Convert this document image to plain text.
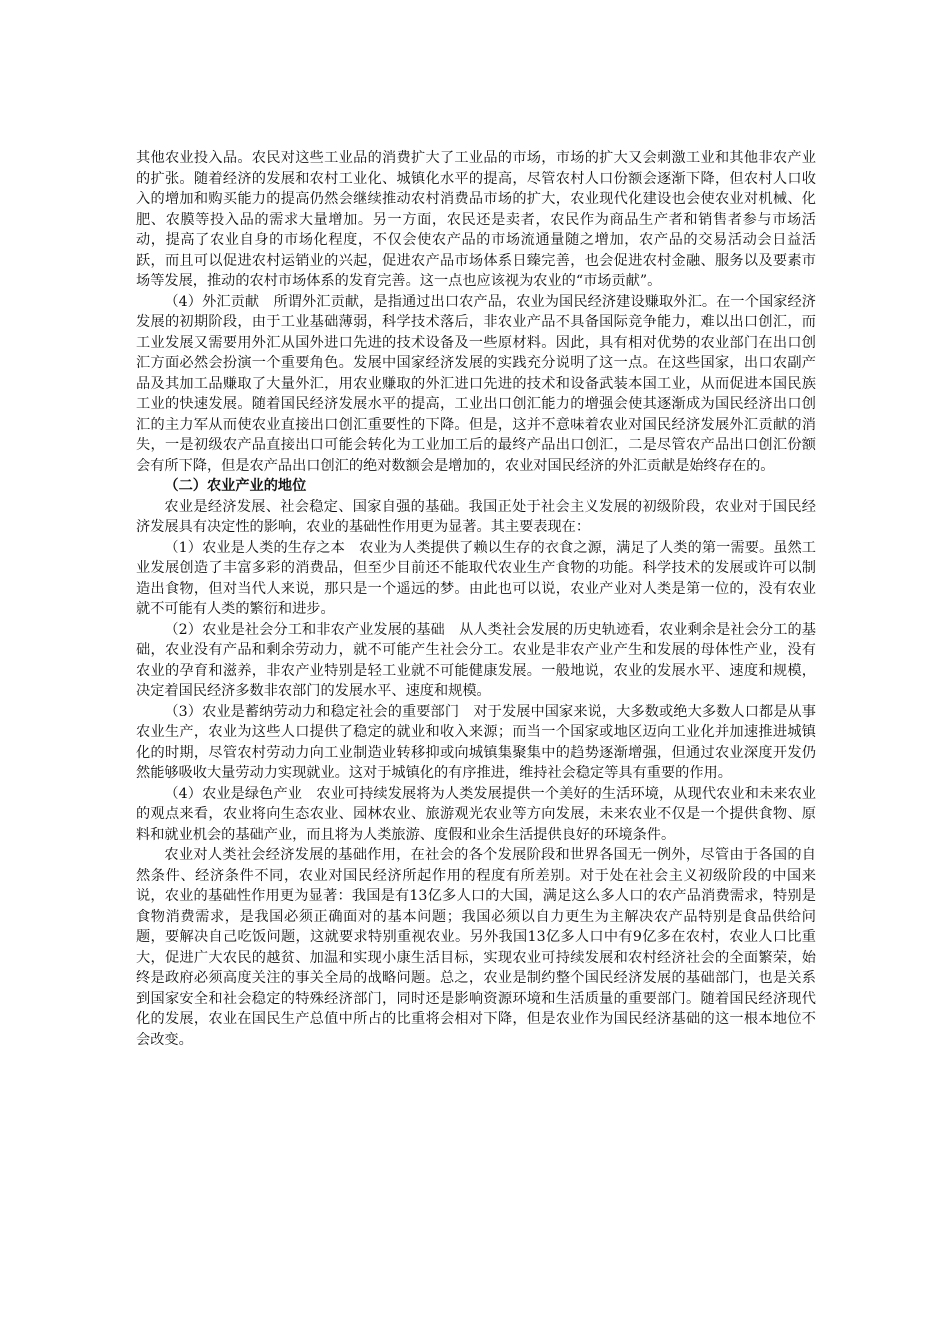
其他农业投入品。农民对这些工业品的消费扩大了工业品的市场，市场的扩大又会刺激工业和其他非农产业的扩张。随着经济的发展和农村工业化、城镇化水平的提高，尽管农村人口份额会逐渐下降，但农村人口收入的增加和购买能力的提高仍然会继续推动农村消费品市场的扩大，农业现代化建设也会使农业对机械、化肥、农膜等投入品的需求大量增加。另一方面，农民还是卖者，农民作为商品生产者和销售者参与市场活动，提高了农业自身的市场化程度，不仅会使农产品的市场流通量随之增加，农产品的交易活动会日益活跃，而且可以促进农村运销业的兴起，促进农产品市场体系日臻完善，也会促进农村金融、服务以及要素市场等发展，推动的农村市场体系的发育完善。这一点也应该视为农业的“市场贡献”。

（4）外汇贡献　所谓外汇贡献，是指通过出口农产品，农业为国民经济建设赚取外汇。在一个国家经济发展的初期阶段，由于工业基础薄弱，科学技术落后，非农业产品不具备国际竞争能力，难以出口创汇，而工业发展又需要用外汇从国外进口先进的技术设备及一些原材料。因此，具有相对优势的农业部门在出口创汇方面必然会扮演一个重要角色。发展中国家经济发展的实践充分说明了这一点。在这些国家，出口农副产品及其加工品赚取了大量外汇，用农业赚取的外汇进口先进的技术和设备武装本国工业，从而促进本国民族工业的快速发展。随着国民经济发展水平的提高，工业出口创汇能力的增强会使其逐渐成为国民经济出口创汇的主力军从而使农业直接出口创汇重要性的下降。但是，这并不意味着农业对国民经济发展外汇贡献的消失，一是初级农产品直接出口可能会转化为工业加工后的最终产品出口创汇，二是尽管农产品出口创汇份额会有所下降，但是农产品出口创汇的绝对数额会是增加的，农业对国民经济的外汇贡献是始终存在的。

（二）农业产业的地位

农业是经济发展、社会稳定、国家自强的基础。我国正处于社会主义发展的初级阶段，农业对于国民经济发展具有决定性的影响，农业的基础性作用更为显著。其主要表现在：

（1）农业是人类的生存之本　农业为人类提供了赖以生存的衣食之源，满足了人类的第一需要。虽然工业发展创造了丰富多彩的消费品，但至少目前还不能取代农业生产食物的功能。科学技术的发展或许可以制造出食物，但对当代人来说，那只是一个遥远的梦。由此也可以说，农业产业对人类是第一位的，没有农业就不可能有人类的繁衍和进步。

（2）农业是社会分工和非农产业发展的基础　从人类社会发展的历史轨迹看，农业剩余是社会分工的基础，农业没有产品和剩余劳动力，就不可能产生社会分工。农业是非农产业产生和发展的母体性产业，没有农业的孕育和滋养，非农产业特别是轻工业就不可能健康发展。一般地说，农业的发展水平、速度和规模，决定着国民经济多数非农部门的发展水平、速度和规模。

（3）农业是蓄纳劳动力和稳定社会的重要部门　对于发展中国家来说，大多数或绝大多数人口都是从事农业生产，农业为这些人口提供了稳定的就业和收入来源；而当一个国家或地区迈向工业化并加速推进城镇化的时期，尽管农村劳动力向工业制造业转移抑或向城镇集聚集中的趋势逐渐增强，但通过农业深度开发仍然能够吸收大量劳动力实现就业。这对于城镇化的有序推进，维持社会稳定等具有重要的作用。

（4）农业是绿色产业　农业可持续发展将为人类发展提供一个美好的生活环境，从现代农业和未来农业的观点来看，农业将向生态农业、园林农业、旅游观光农业等方向发展，未来农业不仅是一个提供食物、原料和就业机会的基础产业，而且将为人类旅游、度假和业余生活提供良好的环境条件。

农业对人类社会经济发展的基础作用，在社会的各个发展阶段和世界各国无一例外，尽管由于各国的自然条件、经济条件不同，农业对国民经济所起作用的程度有所差别。对于处在社会主义初级阶段的中国来说，农业的基础性作用更为显著：我国是有13亿多人口的大国，满足这么多人口的农产品消费需求，特别是食物消费需求，是我国必须正确面对的基本问题；我国必须以自力更生为主解决农产品特别是食品供给问题，要解决自己吃饭问题，这就要求特别重视农业。另外我国13亿多人口中有9亿多在农村，农业人口比重大，促进广大农民的越贫、加温和实现小康生活目标，实现农业可持续发展和农村经济社会的全面繁荣，始终是政府必须高度关注的事关全局的战略问题。总之，农业是制约整个国民经济发展的基础部门，也是关系到国家安全和社会稳定的特殊经济部门，同时还是影响资源环境和生活质量的重要部门。随着国民经济现代化的发展，农业在国民生产总值中所占的比重将会相对下降，但是农业作为国民经济基础的这一根本地位不会改变。
